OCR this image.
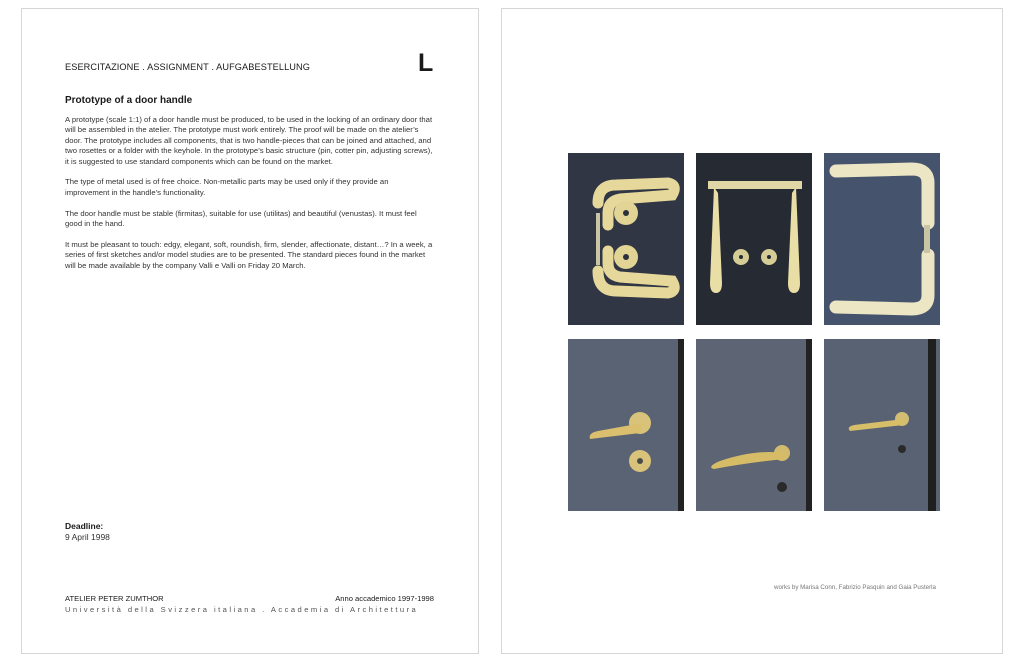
ESERCITAZIONE . ASSIGNMENT . AUFGABESTELLUNG	L
Prototype of a door handle

A prototype (scale 1:1) of a door handle must be produced, to be used in the locking of an ordinary door that will be assembled in the atelier. The prototype must work entirely. The proof will be made on the atelier’s door. The prototype includes all components, that is two handle-pieces that can be joined and attached, and two rosettes or a folder with the keyhole. In the prototype’s basic structure (pin, cotter pin, adjusting screws), it is suggested to use standard components which can be found on the market.

The type of metal used is of free choice. Non-metallic parts may be used only if they provide an improvement in the handle’s functionality.

The door handle must be stable (firmitas), suitable for use (utilitas) and beautiful (venustas). It must feel good in the hand.

It must be pleasant to touch: edgy, elegant, soft, roundish, firm, slender, affectionate, distant…? In a week, a series of first sketches and/or model studies are to be presented. The standard pieces found in the market will be made available by the company Valli e Valli on Friday 20 March.

Deadline:
9 April 1998
ATELIER PETER ZUMTHOR	Anno accademico 1997-1998
Università della Svizzera italiana . Accademia di Architettura
works by Marisa Conn, Fabrizio Pasquin and Gaia Pusterla
